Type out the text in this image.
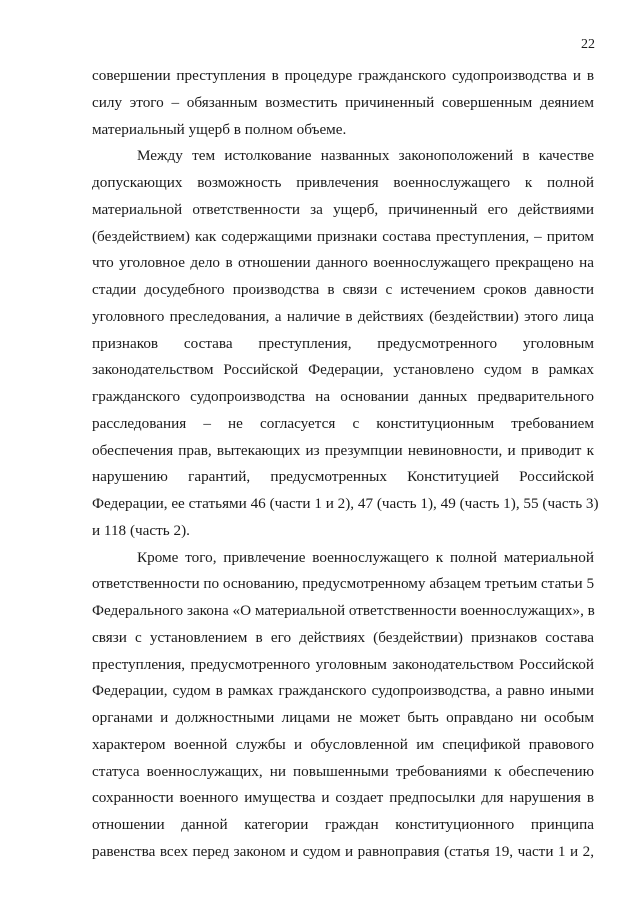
22
совершении преступления в процедуре гражданского судопроизводства и в
силу этого – обязанным возместить причиненный совершенным деянием
материальный ущерб в полном объеме.
Между тем истолкование названных законоположений в качестве
допускающих возможность привлечения военнослужащего к полной
материальной ответственности за ущерб, причиненный его действиями
(бездействием) как содержащими признаки состава преступления, – притом
что уголовное дело в отношении данного военнослужащего прекращено на
стадии досудебного производства в связи с истечением сроков давности
уголовного преследования, а наличие в действиях (бездействии) этого лица
признаков состава преступления, предусмотренного уголовным
законодательством Российской Федерации, установлено судом в рамках
гражданского судопроизводства на основании данных предварительного
расследования – не согласуется с конституционным требованием
обеспечения прав, вытекающих из презумпции невиновности, и приводит к
нарушению гарантий, предусмотренных Конституцией Российской
Федерации, ее статьями 46 (части 1 и 2), 47 (часть 1), 49 (часть 1), 55 (часть 3)
и 118 (часть 2).
Кроме того, привлечение военнослужащего к полной материальной
ответственности по основанию, предусмотренному абзацем третьим статьи 5
Федерального закона «О материальной ответственности военнослужащих», в
связи с установлением в его действиях (бездействии) признаков состава
преступления, предусмотренного уголовным законодательством Российской
Федерации, судом в рамках гражданского судопроизводства, а равно иными
органами и должностными лицами не может быть оправдано ни особым
характером военной службы и обусловленной им спецификой правового
статуса военнослужащих, ни повышенными требованиями к обеспечению
сохранности военного имущества и создает предпосылки для нарушения в
отношении данной категории граждан конституционного принципа
равенства всех перед законом и судом и равноправия (статья 19, части 1 и 2,
